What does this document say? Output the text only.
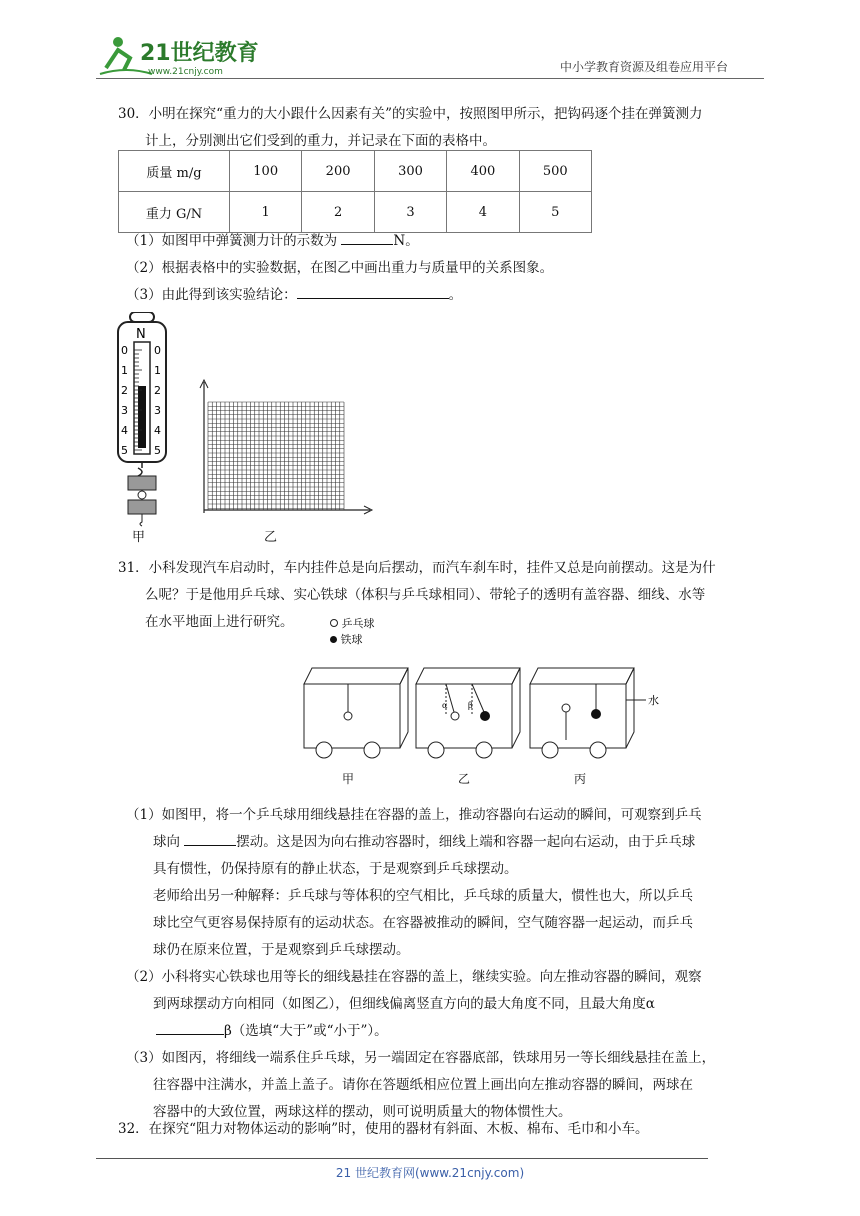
21世纪教育
www.21cnjy.com	中小学教育资源及组卷应用平台
30．小明在探究“重力的大小跟什么因素有关”的实验中，按照图甲所示，把钩码逐个挂在弹簧测力
计上，分别测出它们受到的重力，并记录在下面的表格中。
质量 m/g	100	200	300	400	500
重力 G/N	1	2	3	4	5
（1）如图甲中弹簧测力计的示数为	N。
（2）根据表格中的实验数据，在图乙中画出重力与质量甲的关系图象。
（3）由此得到该实验结论：	。
N
0 0
1 1
2 2
3 3
4 4
5 5
甲	乙
31．小科发现汽车启动时，车内挂件总是向后摆动，而汽车刹车时，挂件又总是向前摆动。这是为什
么呢？于是他用乒乓球、实心铁球（体积与乒乓球相同）、带轮子的透明有盖容器、细线、水等
在水平地面上进行研究。	乒乓球
铁球
α	β	水
甲	乙	丙
（1）如图甲，将一个乒乓球用细线悬挂在容器的盖上，推动容器向右运动的瞬间，可观察到乒乓
球向	摆动。这是因为向右推动容器时，细线上端和容器一起向右运动，由于乒乓球
具有惯性，仍保持原有的静止状态，于是观察到乒乓球摆动。
老师给出另一种解释：乒乓球与等体积的空气相比，乒乓球的质量大，惯性也大，所以乒乓
球比空气更容易保持原有的运动状态。在容器被推动的瞬间，空气随容器一起运动，而乒乓
球仍在原来位置，于是观察到乒乓球摆动。
（2）小科将实心铁球也用等长的细线悬挂在容器的盖上，继续实验。向左推动容器的瞬间，观察
到两球摆动方向相同（如图乙），但细线偏离竖直方向的最大角度不同，且最大角度α
β（选填“大于”或“小于”）。
（3）如图丙，将细线一端系住乒乓球，另一端固定在容器底部，铁球用另一等长细线悬挂在盖上，
往容器中注满水，并盖上盖子。请你在答题纸相应位置上画出向左推动容器的瞬间，两球在
容器中的大致位置，两球这样的摆动，则可说明质量大的物体惯性大。
32．在探究“阻力对物体运动的影响”时，使用的器材有斜面、木板、棉布、毛巾和小车。
21 世纪教育网(www.21cnjy.com)
